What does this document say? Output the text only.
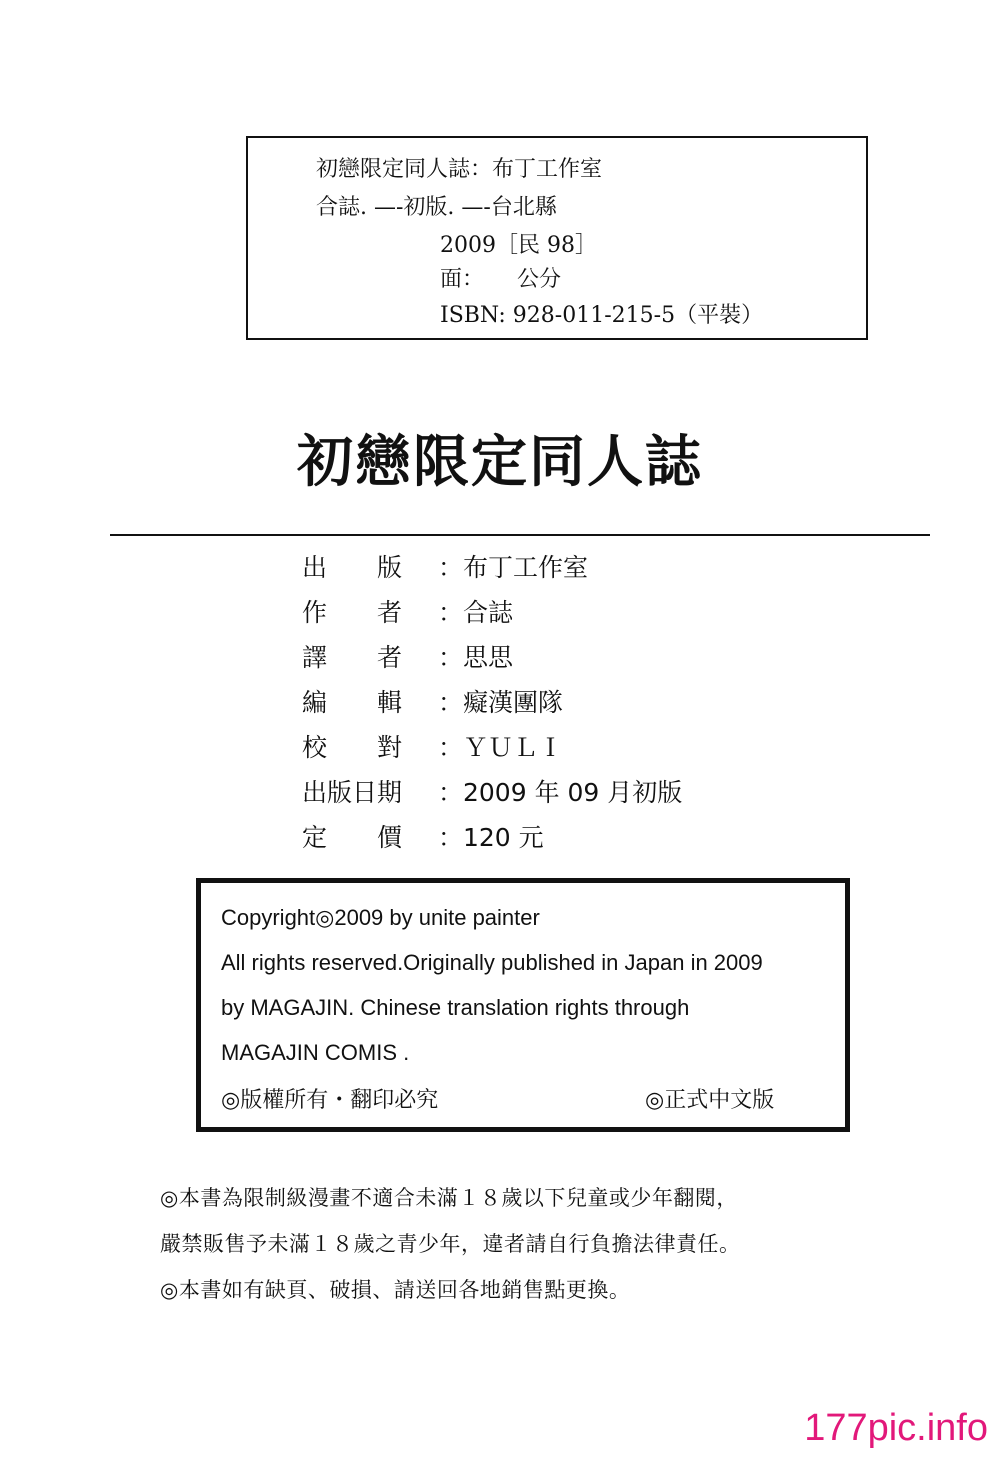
初戀限定同人誌：布丁工作室
合誌. —-初版. —-台北縣
2009［民 98］
面：　　公分
ISBN: 928-011-215-5（平裝）
初戀限定同人誌
出　　版	：布丁工作室
作　　者	：合誌
譯　　者	：思思
編　　輯	：癡漢團隊
校　　對	：ＹＵＬＩ
出版日期	：2009 年 09 月初版
定　　價	：120 元
Copyright◎2009 by unite painter
All rights reserved.Originally published in Japan in 2009
by MAGAJIN. Chinese translation rights through
MAGAJIN COMIS .
◎版權所有・翻印必究	◎正式中文版
◎本書為限制級漫畫不適合未滿１８歲以下兒童或少年翻閱，
嚴禁販售予未滿１８歲之青少年，違者請自行負擔法律責任。
◎本書如有缺頁、破損、請送回各地銷售點更換。
177pic.info
